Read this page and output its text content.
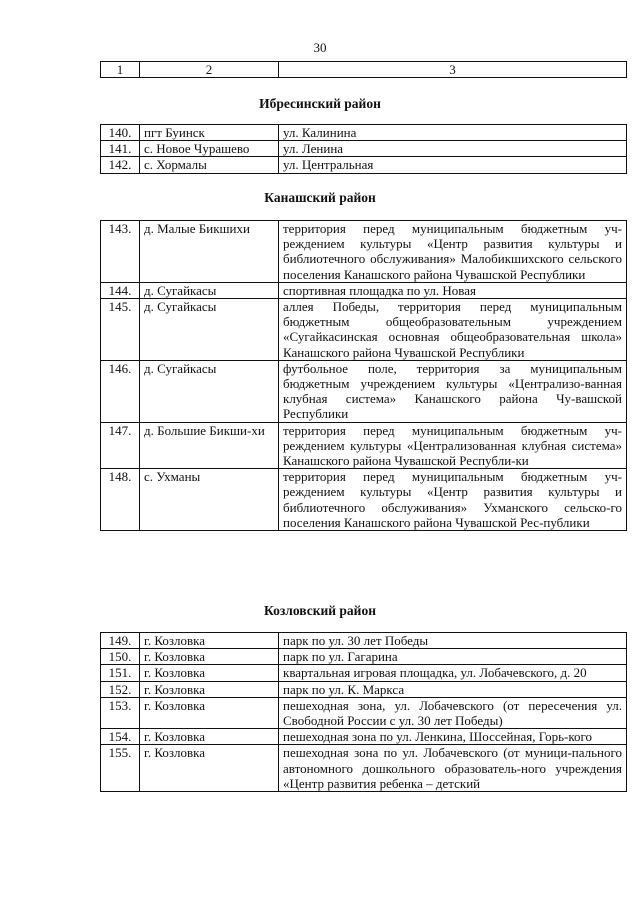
30
1	2	3
Ибресинский район
140.	пгт Буинск	ул. Калинина
141.	с. Новое Чурашево	ул. Ленина
142.	с. Хормалы	ул. Центральная
Канашский район
143.	д. Малые Бикшихи	территория перед муниципальным бюджетным уч-реждением культуры «Центр развития культуры и библиотечного обслуживания» Малобикшихского сельского поселения Канашского района Чувашской Республики
144.	д. Сугайкасы	спортивная площадка по ул. Новая
145.	д. Сугайкасы	аллея Победы, территория перед муниципальным бюджетным общеобразовательным учреждением «Сугайкасинская основная общеобразовательная школа» Канашского района Чувашской Республики
146.	д. Сугайкасы	футбольное поле, территория за муниципальным бюджетным учреждением культуры «Централизо-ванная клубная система» Канашского района Чу-вашской Республики
147.	д. Большие Бикши-хи	территория перед муниципальным бюджетным уч-реждением культуры «Централизованная клубная система» Канашского района Чувашской Республи-ки
148.	с. Ухманы	территория перед муниципальным бюджетным уч-реждением культуры «Центр развития культуры и библиотечного обслуживания» Ухманского сельско-го поселения Канашского района Чувашской Рес-публики
Козловский район
149.	г. Козловка	парк по ул. 30 лет Победы
150.	г. Козловка	парк по ул. Гагарина
151.	г. Козловка	квартальная игровая площадка, ул. Лобачевского, д. 20
152.	г. Козловка	парк по ул. К. Маркса
153.	г. Козловка	пешеходная зона, ул. Лобачевского (от пересечения ул. Свободной России с ул. 30 лет Победы)
154.	г. Козловка	пешеходная зона по ул. Ленкина, Шоссейная, Горь-кого
155.	г. Козловка	пешеходная зона по ул. Лобачевского (от муници-пального автономного дошкольного образователь-ного учреждения «Центр развития ребенка – детский
